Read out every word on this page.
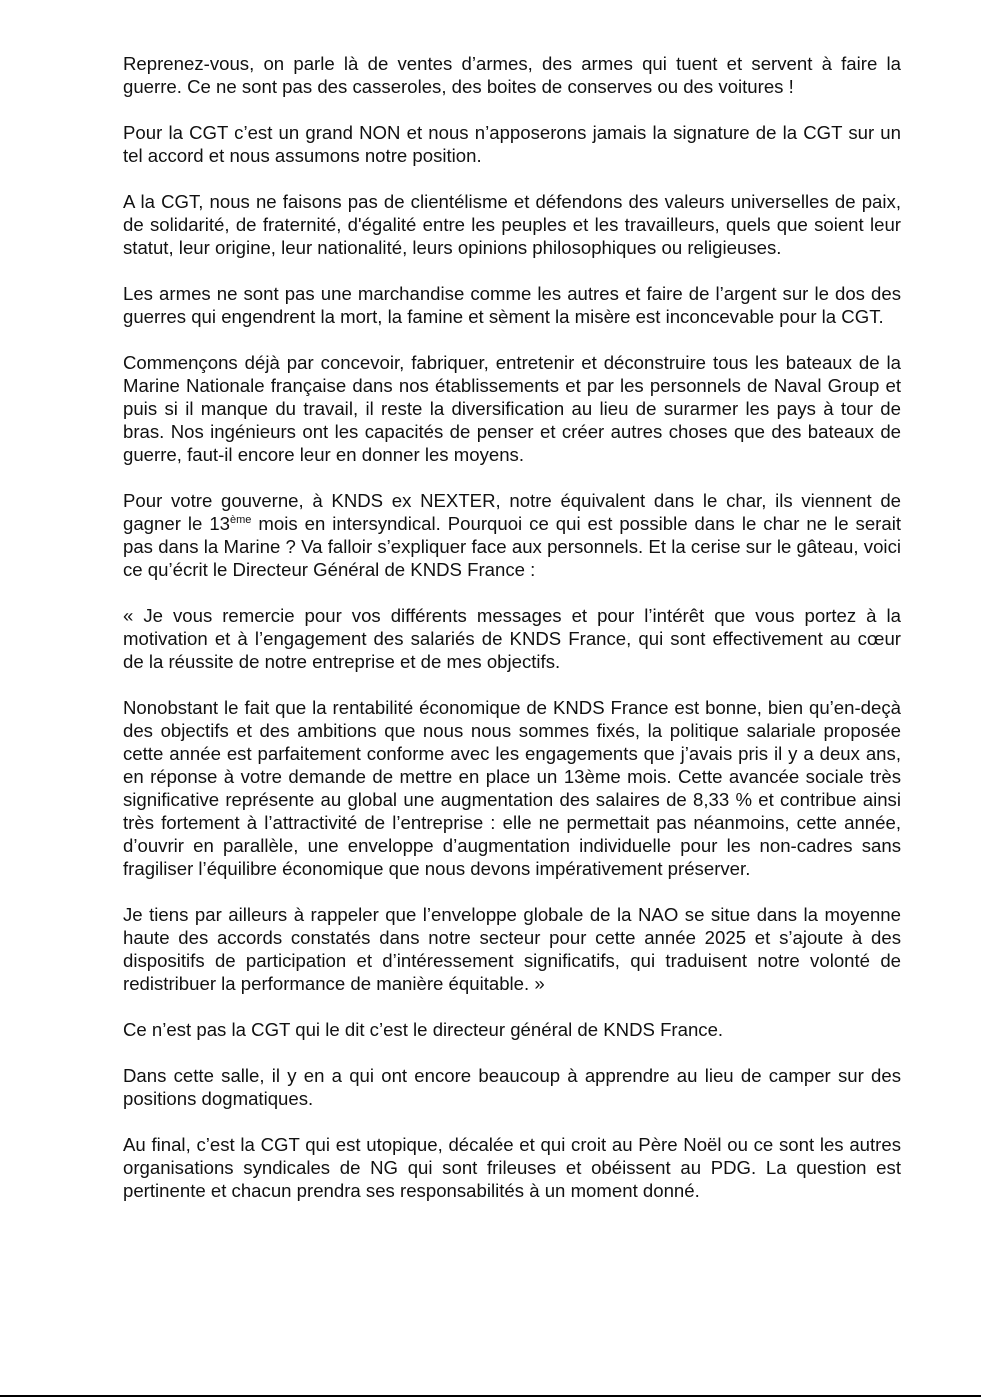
Reprenez-vous, on parle là de ventes d’armes, des armes qui tuent et servent à faire la guerre. Ce ne sont pas des casseroles, des boites de conserves ou des voitures !

Pour la CGT c’est un grand NON et nous n’apposerons jamais la signature de la CGT sur un tel accord et nous assumons notre position.

A la CGT, nous ne faisons pas de clientélisme et défendons des valeurs universelles de paix, de solidarité, de fraternité, d'égalité entre les peuples et les travailleurs, quels que soient leur statut, leur origine, leur nationalité, leurs opinions philosophiques ou religieuses.

Les armes ne sont pas une marchandise comme les autres et faire de l’argent sur le dos des guerres qui engendrent la mort, la famine et sèment la misère est inconcevable pour la CGT.

Commençons déjà par concevoir, fabriquer, entretenir et déconstruire tous les bateaux de la Marine Nationale française dans nos établissements et par les personnels de Naval Group et puis si il manque du travail, il reste la diversification au lieu de surarmer les pays à tour de bras. Nos ingénieurs ont les capacités de penser et créer autres choses que des bateaux de guerre, faut-il encore leur en donner les moyens.

Pour votre gouverne, à KNDS ex NEXTER, notre équivalent dans le char, ils viennent de gagner le 13ème mois en intersyndical. Pourquoi ce qui est possible dans le char ne le serait pas dans la Marine ? Va falloir s’expliquer face aux personnels. Et la cerise sur le gâteau, voici ce qu’écrit le Directeur Général de KNDS France :

« Je vous remercie pour vos différents messages et pour l’intérêt que vous portez à la motivation et à l’engagement des salariés de KNDS France, qui sont effectivement au cœur de la réussite de notre entreprise et de mes objectifs.

Nonobstant le fait que la rentabilité économique de KNDS France est bonne, bien qu’en-deçà des objectifs et des ambitions que nous nous sommes fixés, la politique salariale proposée cette année est parfaitement conforme avec les engagements que j’avais pris il y a deux ans, en réponse à votre demande de mettre en place un 13ème mois. Cette avancée sociale très significative représente au global une augmentation des salaires de 8,33 % et contribue ainsi très fortement à l’attractivité de l’entreprise : elle ne permettait pas néanmoins, cette année, d’ouvrir en parallèle, une enveloppe d’augmentation individuelle pour les non-cadres sans fragiliser l’équilibre économique que nous devons impérativement préserver.

Je tiens par ailleurs à rappeler que l’enveloppe globale de la NAO se situe dans la moyenne haute des accords constatés dans notre secteur pour cette année 2025 et s’ajoute à des dispositifs de participation et d’intéressement significatifs, qui traduisent notre volonté de redistribuer la performance de manière équitable. »

Ce n’est pas la CGT qui le dit c’est le directeur général de KNDS France.

Dans cette salle, il y en a qui ont encore beaucoup à apprendre au lieu de camper sur des positions dogmatiques.

Au final, c’est la CGT qui est utopique, décalée et qui croit au Père Noël ou ce sont les autres organisations syndicales de NG qui sont frileuses et obéissent au PDG. La question est pertinente et chacun prendra ses responsabilités à un moment donné.
